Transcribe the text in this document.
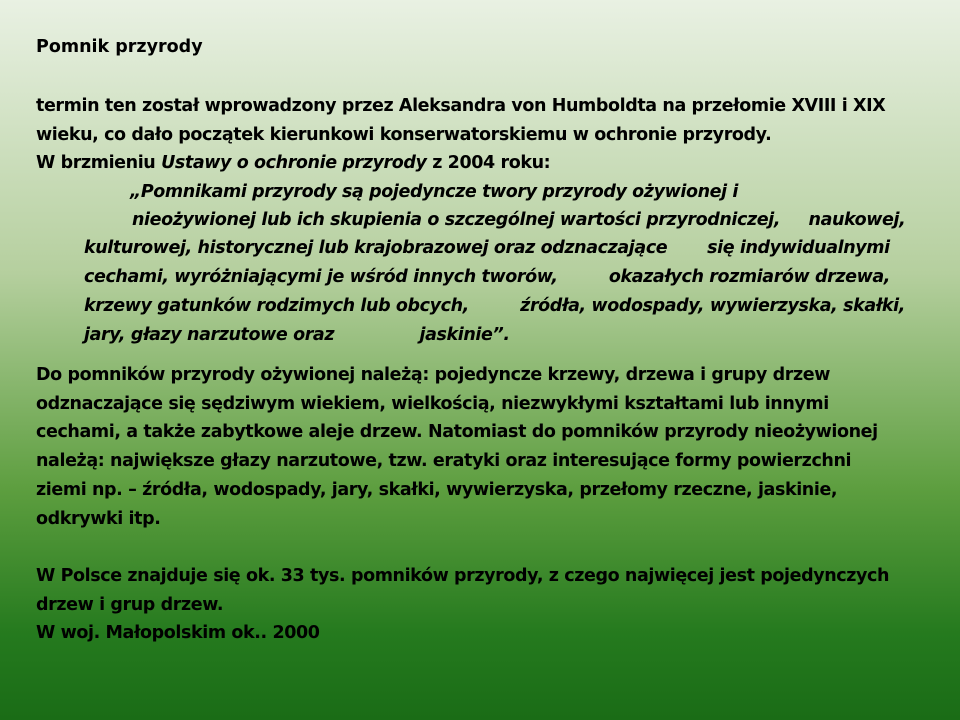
Pomnik przyrody
termin ten został wprowadzony przez Aleksandra von Humboldta na przełomie XVIII i XIX
wieku, co dało początek kierunkowi konserwatorskiemu w ochronie przyrody.
W brzmieniu Ustawy o ochronie przyrody z 2004 roku:
„Pomnikami przyrody są pojedyncze twory przyrody ożywionej i
nieożywionej lub ich skupienia o szczególnej wartości przyrodniczej,     naukowej,
kulturowej, historycznej lub krajobrazowej oraz odznaczające       się indywidualnymi
cechami, wyróżniającymi je wśród innych tworów,         okazałych rozmiarów drzewa,
krzewy gatunków rodzimych lub obcych,         źródła, wodospady, wywierzyska, skałki,
jary, głazy narzutowe oraz               jaskinie”.
Do pomników przyrody ożywionej należą: pojedyncze krzewy, drzewa i grupy drzew
odznaczające się sędziwym wiekiem, wielkością, niezwykłymi kształtami lub innymi
cechami, a także zabytkowe aleje drzew. Natomiast do pomników przyrody nieożywionej
należą: największe głazy narzutowe, tzw. eratyki oraz interesujące formy powierzchni
ziemi np. – źródła, wodospady, jary, skałki, wywierzyska, przełomy rzeczne, jaskinie,
odkrywki itp.
W Polsce znajduje się ok. 33 tys. pomników przyrody, z czego najwięcej jest pojedynczych
drzew i grup drzew.
W woj. Małopolskim ok.. 2000
